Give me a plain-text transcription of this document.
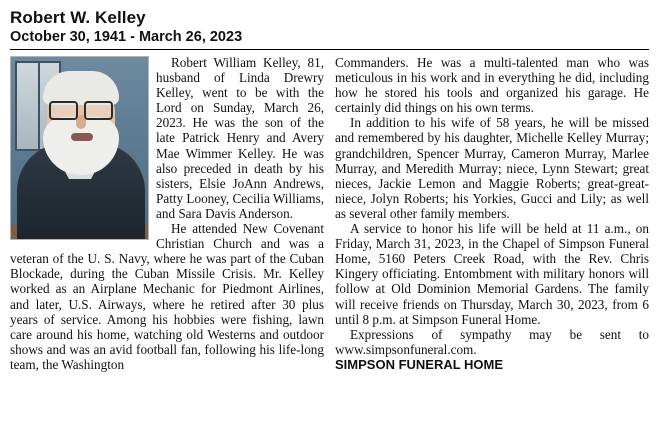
Robert W. Kelley
October 30, 1941 - March 26, 2023

Robert William Kelley, 81, husband of Linda Drewry Kelley, went to be with the Lord on Sunday, March 26, 2023. He was the son of the late Patrick Henry and Avery Mae Wimmer Kelley. He was also preceded in death by his sisters, Elsie JoAnn Andrews, Patty Looney, Cecilia Williams, and Sara Davis Anderson.

He attended New Covenant Christian Church and was a veteran of the U. S. Navy, where he was part of the Cuban Blockade, during the Cuban Missile Crisis. Mr. Kelley worked as an Airplane Mechanic for Piedmont Airlines, and later, U.S. Airways, where he retired after 30 plus years of service. Among his hobbies were fishing, lawn care around his home, watching old Westerns and outdoor shows and was an avid football fan, following his life-long team, the Washington

Commanders. He was a multi-talented man who was meticulous in his work and in everything he did, including how he stored his tools and organized his garage. He certainly did things on his own terms.

In addition to his wife of 58 years, he will be missed and remembered by his daughter, Michelle Kelley Murray; grandchildren, Spencer Murray, Cameron Murray, Marlee Murray, and Meredith Murray; niece, Lynn Stewart; great nieces, Jackie Lemon and Maggie Roberts; great-great-niece, Jolyn Roberts; his Yorkies, Gucci and Lily; as well as several other family members.

A service to honor his life will be held at 11 a.m., on Friday, March 31, 2023, in the Chapel of Simpson Funeral Home, 5160 Peters Creek Road, with the Rev. Chris Kingery officiating. Entombment with military honors will follow at Old Dominion Memorial Gardens. The family will receive friends on Thursday, March 30, 2023, from 6 until 8 p.m. at Simpson Funeral Home.

Expressions of sympathy may be sent to www.simpsonfuneral.com.

SIMPSON FUNERAL HOME
